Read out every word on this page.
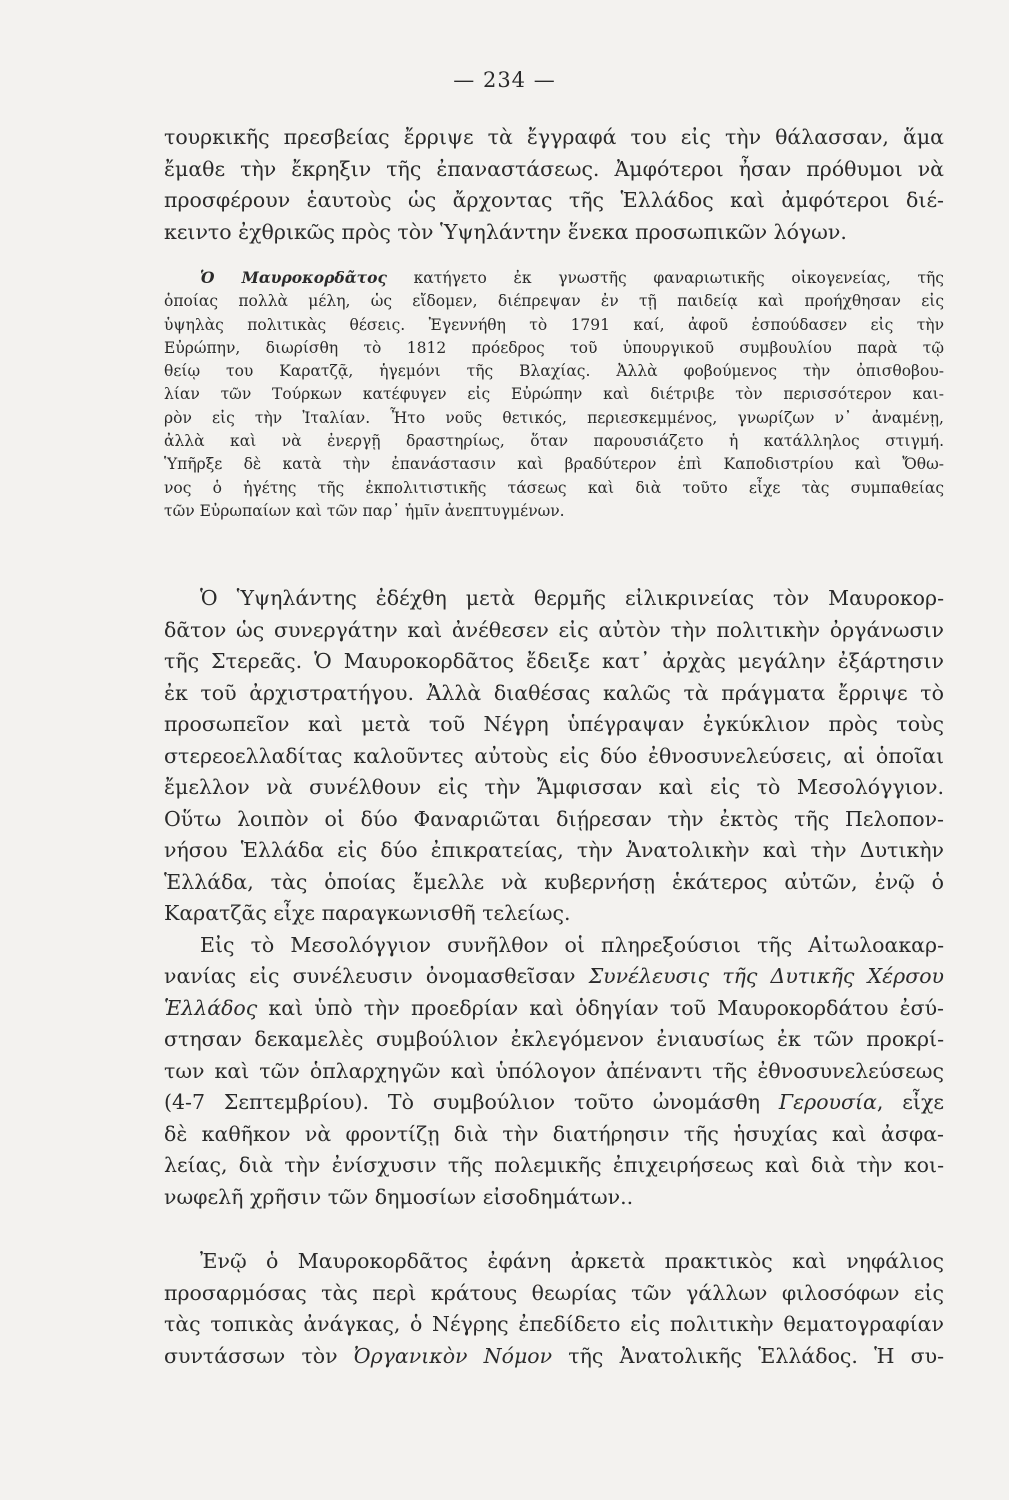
— 234 —
τουρκικῆς πρεσβείας ἔρριψε τὰ ἔγγραφά του εἰς τὴν θάλασσαν, ἅμα
ἔμαθε τὴν ἔκρηξιν τῆς ἐπαναστάσεως. Ἀμφότεροι ἦσαν πρόθυμοι νὰ
προσφέρουν ἑαυτοὺς ὡς ἄρχοντας τῆς Ἑλλάδος καὶ ἀμφότεροι διέ-
κειντο ἐχθρικῶς πρὸς τὸν Ὑψηλάντην ἕνεκα προσωπικῶν λόγων.
Ὁ Μαυροκορδᾶτος κατήγετο ἐκ γνωστῆς φαναριωτικῆς οἰκογενείας, τῆς
ὁποίας πολλὰ μέλη, ὡς εἴδομεν, διέπρεψαν ἐν τῇ παιδείᾳ καὶ προήχθησαν εἰς
ὑψηλὰς πολιτικὰς θέσεις. Ἐγεννήθη τὸ 1791 καί, ἀφοῦ ἐσπούδασεν εἰς τὴν
Εὐρώπην, διωρίσθη τὸ 1812 πρόεδρος τοῦ ὑπουργικοῦ συμβουλίου παρὰ τῷ
θείῳ του Καρατζᾷ, ἡγεμόνι τῆς Βλαχίας. Ἀλλὰ φοβούμενος τὴν ὀπισθοβου-
λίαν τῶν Τούρκων κατέφυγεν εἰς Εὐρώπην καὶ διέτριβε τὸν περισσότερον και-
ρὸν εἰς τὴν Ἰταλίαν. Ἦτο νοῦς θετικός, περιεσκεμμένος, γνωρίζων ν᾽ ἀναμένῃ,
ἀλλὰ καὶ νὰ ἐνεργῇ δραστηρίως, ὅταν παρουσιάζετο ἡ κατάλληλος στιγμή.
Ὑπῆρξε δὲ κατὰ τὴν ἐπανάστασιν καὶ βραδύτερον ἐπὶ Καποδιστρίου καὶ Ὄθω-
νος ὁ ἡγέτης τῆς ἐκπολιτιστικῆς τάσεως καὶ διὰ τοῦτο εἶχε τὰς συμπαθείας
τῶν Εὐρωπαίων καὶ τῶν παρ᾽ ἡμῖν ἀνεπτυγμένων.
Ὁ Ὑψηλάντης ἐδέχθη μετὰ θερμῆς εἰλικρινείας τὸν Μαυροκορ-
δᾶτον ὡς συνεργάτην καὶ ἀνέθεσεν εἰς αὐτὸν τὴν πολιτικὴν ὀργάνωσιν
τῆς Στερεᾶς. Ὁ Μαυροκορδᾶτος ἔδειξε κατ᾽ ἀρχὰς μεγάλην ἐξάρτησιν
ἐκ τοῦ ἀρχιστρατήγου. Ἀλλὰ διαθέσας καλῶς τὰ πράγματα ἔρριψε τὸ
προσωπεῖον καὶ μετὰ τοῦ Νέγρη ὑπέγραψαν ἐγκύκλιον πρὸς τοὺς
στερεοελλαδίτας καλοῦντες αὐτοὺς εἰς δύο ἐθνοσυνελεύσεις, αἱ ὁποῖαι
ἔμελλον νὰ συνέλθουν εἰς τὴν Ἄμφισσαν καὶ εἰς τὸ Μεσολόγγιον.
Οὕτω λοιπὸν οἱ δύο Φαναριῶται διῄρεσαν τὴν ἐκτὸς τῆς Πελοπον-
νήσου Ἑλλάδα εἰς δύο ἐπικρατείας, τὴν Ἀνατολικὴν καὶ τὴν Δυτικὴν
Ἑλλάδα, τὰς ὁποίας ἔμελλε νὰ κυβερνήσῃ ἑκάτερος αὐτῶν, ἐνῷ ὁ
Καρατζᾶς εἶχε παραγκωνισθῆ τελείως.
Εἰς τὸ Μεσολόγγιον συνῆλθον οἱ πληρεξούσιοι τῆς Αἰτωλοακαρ-
νανίας εἰς συνέλευσιν ὀνομασθεῖσαν Συνέλευσις τῆς Δυτικῆς Χέρσου
Ἑλλάδος καὶ ὑπὸ τὴν προεδρίαν καὶ ὁδηγίαν τοῦ Μαυροκορδάτου ἐσύ-
στησαν δεκαμελὲς συμβούλιον ἐκλεγόμενον ἐνιαυσίως ἐκ τῶν προκρί-
των καὶ τῶν ὁπλαρχηγῶν καὶ ὑπόλογον ἀπέναντι τῆς ἐθνοσυνελεύσεως
(4-7 Σεπτεμβρίου). Τὸ συμβούλιον τοῦτο ὠνομάσθη Γερουσία, εἶχε
δὲ καθῆκον νὰ φροντίζῃ διὰ τὴν διατήρησιν τῆς ἡσυχίας καὶ ἀσφα-
λείας, διὰ τὴν ἐνίσχυσιν τῆς πολεμικῆς ἐπιχειρήσεως καὶ διὰ τὴν κοι-
νωφελῆ χρῆσιν τῶν δημοσίων εἰσοδημάτων..
Ἐνῷ ὁ Μαυροκορδᾶτος ἐφάνη ἀρκετὰ πρακτικὸς καὶ νηφάλιος
προσαρμόσας τὰς περὶ κράτους θεωρίας τῶν γάλλων φιλοσόφων εἰς
τὰς τοπικὰς ἀνάγκας, ὁ Νέγρης ἐπεδίδετο εἰς πολιτικὴν θεματογραφίαν
συντάσσων τὸν Ὀργανικὸν Νόμον τῆς Ἀνατολικῆς Ἑλλάδος. Ἡ συ-
